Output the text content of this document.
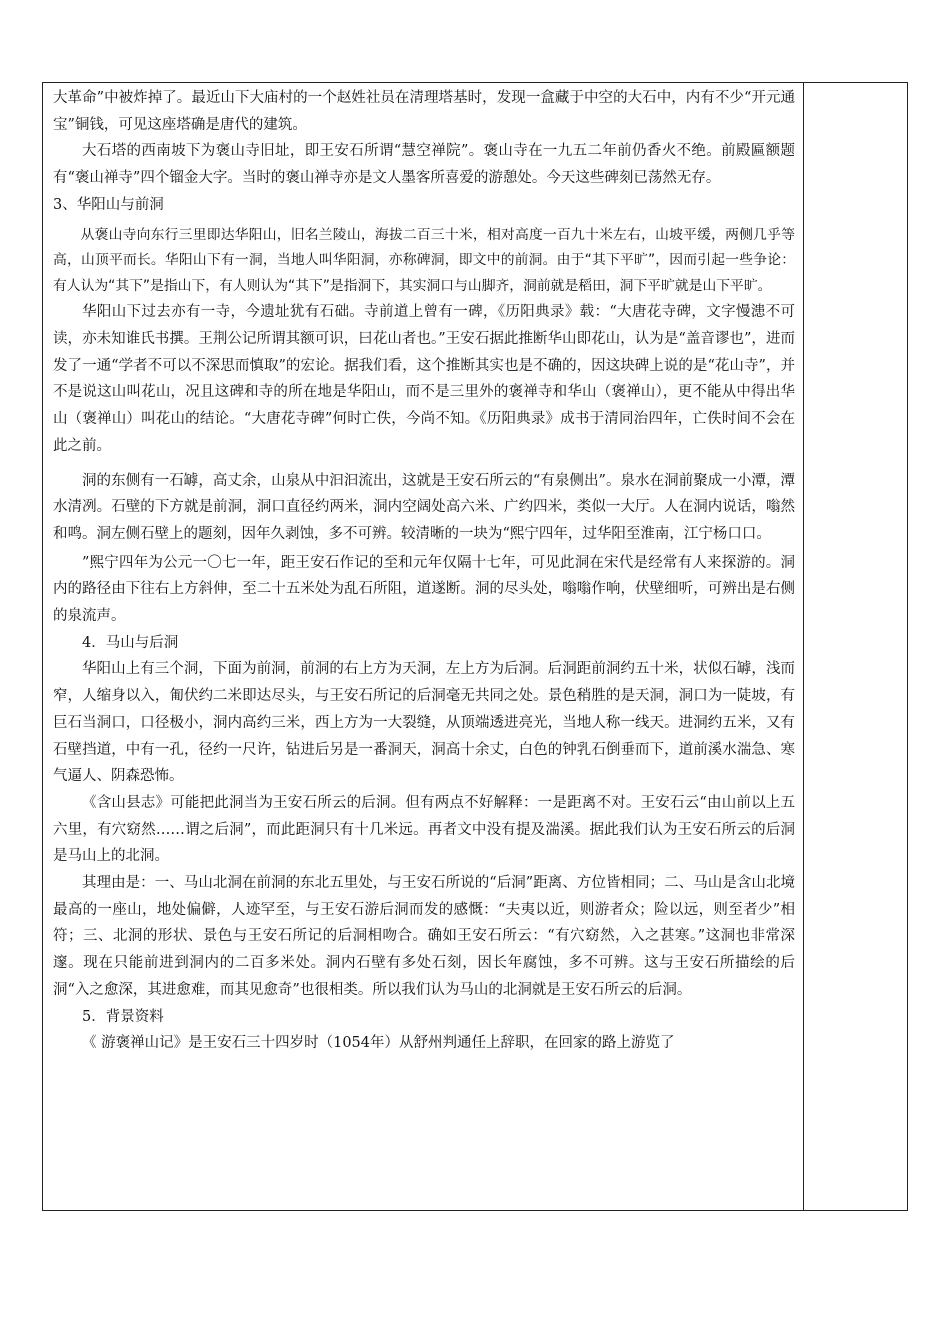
大革命”中被炸掉了。最近山下大庙村的一个赵姓社员在清理塔基时，发现一盒藏于中空的大石中，内有不少“开元通宝”铜钱，可见这座塔确是唐代的建筑。

大石塔的西南坡下为褒山寺旧址，即王安石所谓“慧空禅院”。褒山寺在一九五二年前仍香火不绝。前殿匾额题有“褒山禅寺”四个镏金大字。当时的褒山禅寺亦是文人墨客所喜爱的游憩处。今天这些碑刻已荡然无存。

3、华阳山与前洞

从褒山寺向东行三里即达华阳山，旧名兰陵山，海拔二百三十米，相对高度一百九十米左右，山坡平缓，两侧几乎等高，山顶平而长。华阳山下有一洞，当地人叫华阳洞，亦称碑洞，即文中的前洞。由于“其下平旷”，因而引起一些争论：有人认为“其下”是指山下，有人则认为“其下”是指洞下，其实洞口与山脚齐，洞前就是稻田，洞下平旷就是山下平旷。

华阳山下过去亦有一寺，今遗址犹有石础。寺前道上曾有一碑，《历阳典录》载：“大唐花寺碑，文字慢漶不可读，亦未知谁氏书撰。王荆公记所谓其额可识，曰花山者也。”王安石据此推断华山即花山，认为是“盖音谬也”，进而发了一通“学者不可以不深思而慎取”的宏论。据我们看，这个推断其实也是不确的，因这块碑上说的是“花山寺”，并不是说这山叫花山，况且这碑和寺的所在地是华阳山，而不是三里外的褒禅寺和华山（褒禅山），更不能从中得出华山（褒禅山）叫花山的结论。“大唐花寺碑”何时亡佚，今尚不知。《历阳典录》成书于清同治四年，亡佚时间不会在此之前。

洞的东侧有一石罅，高丈余，山泉从中汩汩流出，这就是王安石所云的“有泉侧出”。泉水在洞前聚成一小潭，潭水清冽。石壁的下方就是前洞，洞口直径约两米，洞内空阔处高六米、广约四米，类似一大厅。人在洞内说话，嗡然和鸣。洞左侧石壁上的题刻，因年久剥蚀，多不可辨。较清晰的一块为“熙宁四年，过华阳至淮南，江宁杨口口。

”熙宁四年为公元一〇七一年，距王安石作记的至和元年仅隔十七年，可见此洞在宋代是经常有人来探游的。洞内的路径由下往右上方斜伸，至二十五米处为乱石所阻，道遂断。洞的尽头处，嗡嗡作响，伏壁细听，可辨出是右侧的泉流声。

4．马山与后洞

华阳山上有三个洞，下面为前洞，前洞的右上方为天洞，左上方为后洞。后洞距前洞约五十米，状似石罅，浅而窄，人缩身以入，匍伏约二米即达尽头，与王安石所记的后洞毫无共同之处。景色稍胜的是天洞，洞口为一陡坡，有巨石当洞口，口径极小，洞内高约三米，西上方为一大裂缝，从顶端透进亮光，当地人称一线天。进洞约五米，又有石壁挡道，中有一孔，径约一尺许，钻进后另是一番洞天，洞高十余丈，白色的钟乳石倒垂而下，道前溪水湍急、寒气逼人、阴森恐怖。

《含山县志》可能把此洞当为王安石所云的后洞。但有两点不好解释：一是距离不对。王安石云“由山前以上五六里，有穴窈然……谓之后洞”，而此距洞只有十几米远。再者文中没有提及湍溪。据此我们认为王安石所云的后洞是马山上的北洞。

其理由是：一、马山北洞在前洞的东北五里处，与王安石所说的“后洞”距离、方位皆相同；二、马山是含山北境最高的一座山，地处偏僻，人迹罕至，与王安石游后洞而发的感慨：“夫夷以近，则游者众；险以远，则至者少”相符；三、北洞的形状、景色与王安石所记的后洞相吻合。确如王安石所云：“有穴窈然，入之甚寒。”这洞也非常深邃。现在只能前进到洞内的二百多米处。洞内石壁有多处石刻，因长年腐蚀，多不可辨。这与王安石所描绘的后洞“入之愈深，其进愈难，而其见愈奇”也很相类。所以我们认为马山的北洞就是王安石所云的后洞。

5．背景资料

《 游褒禅山记》是王安石三十四岁时（1054年）从舒州判通任上辞职，在回家的路上游览了
